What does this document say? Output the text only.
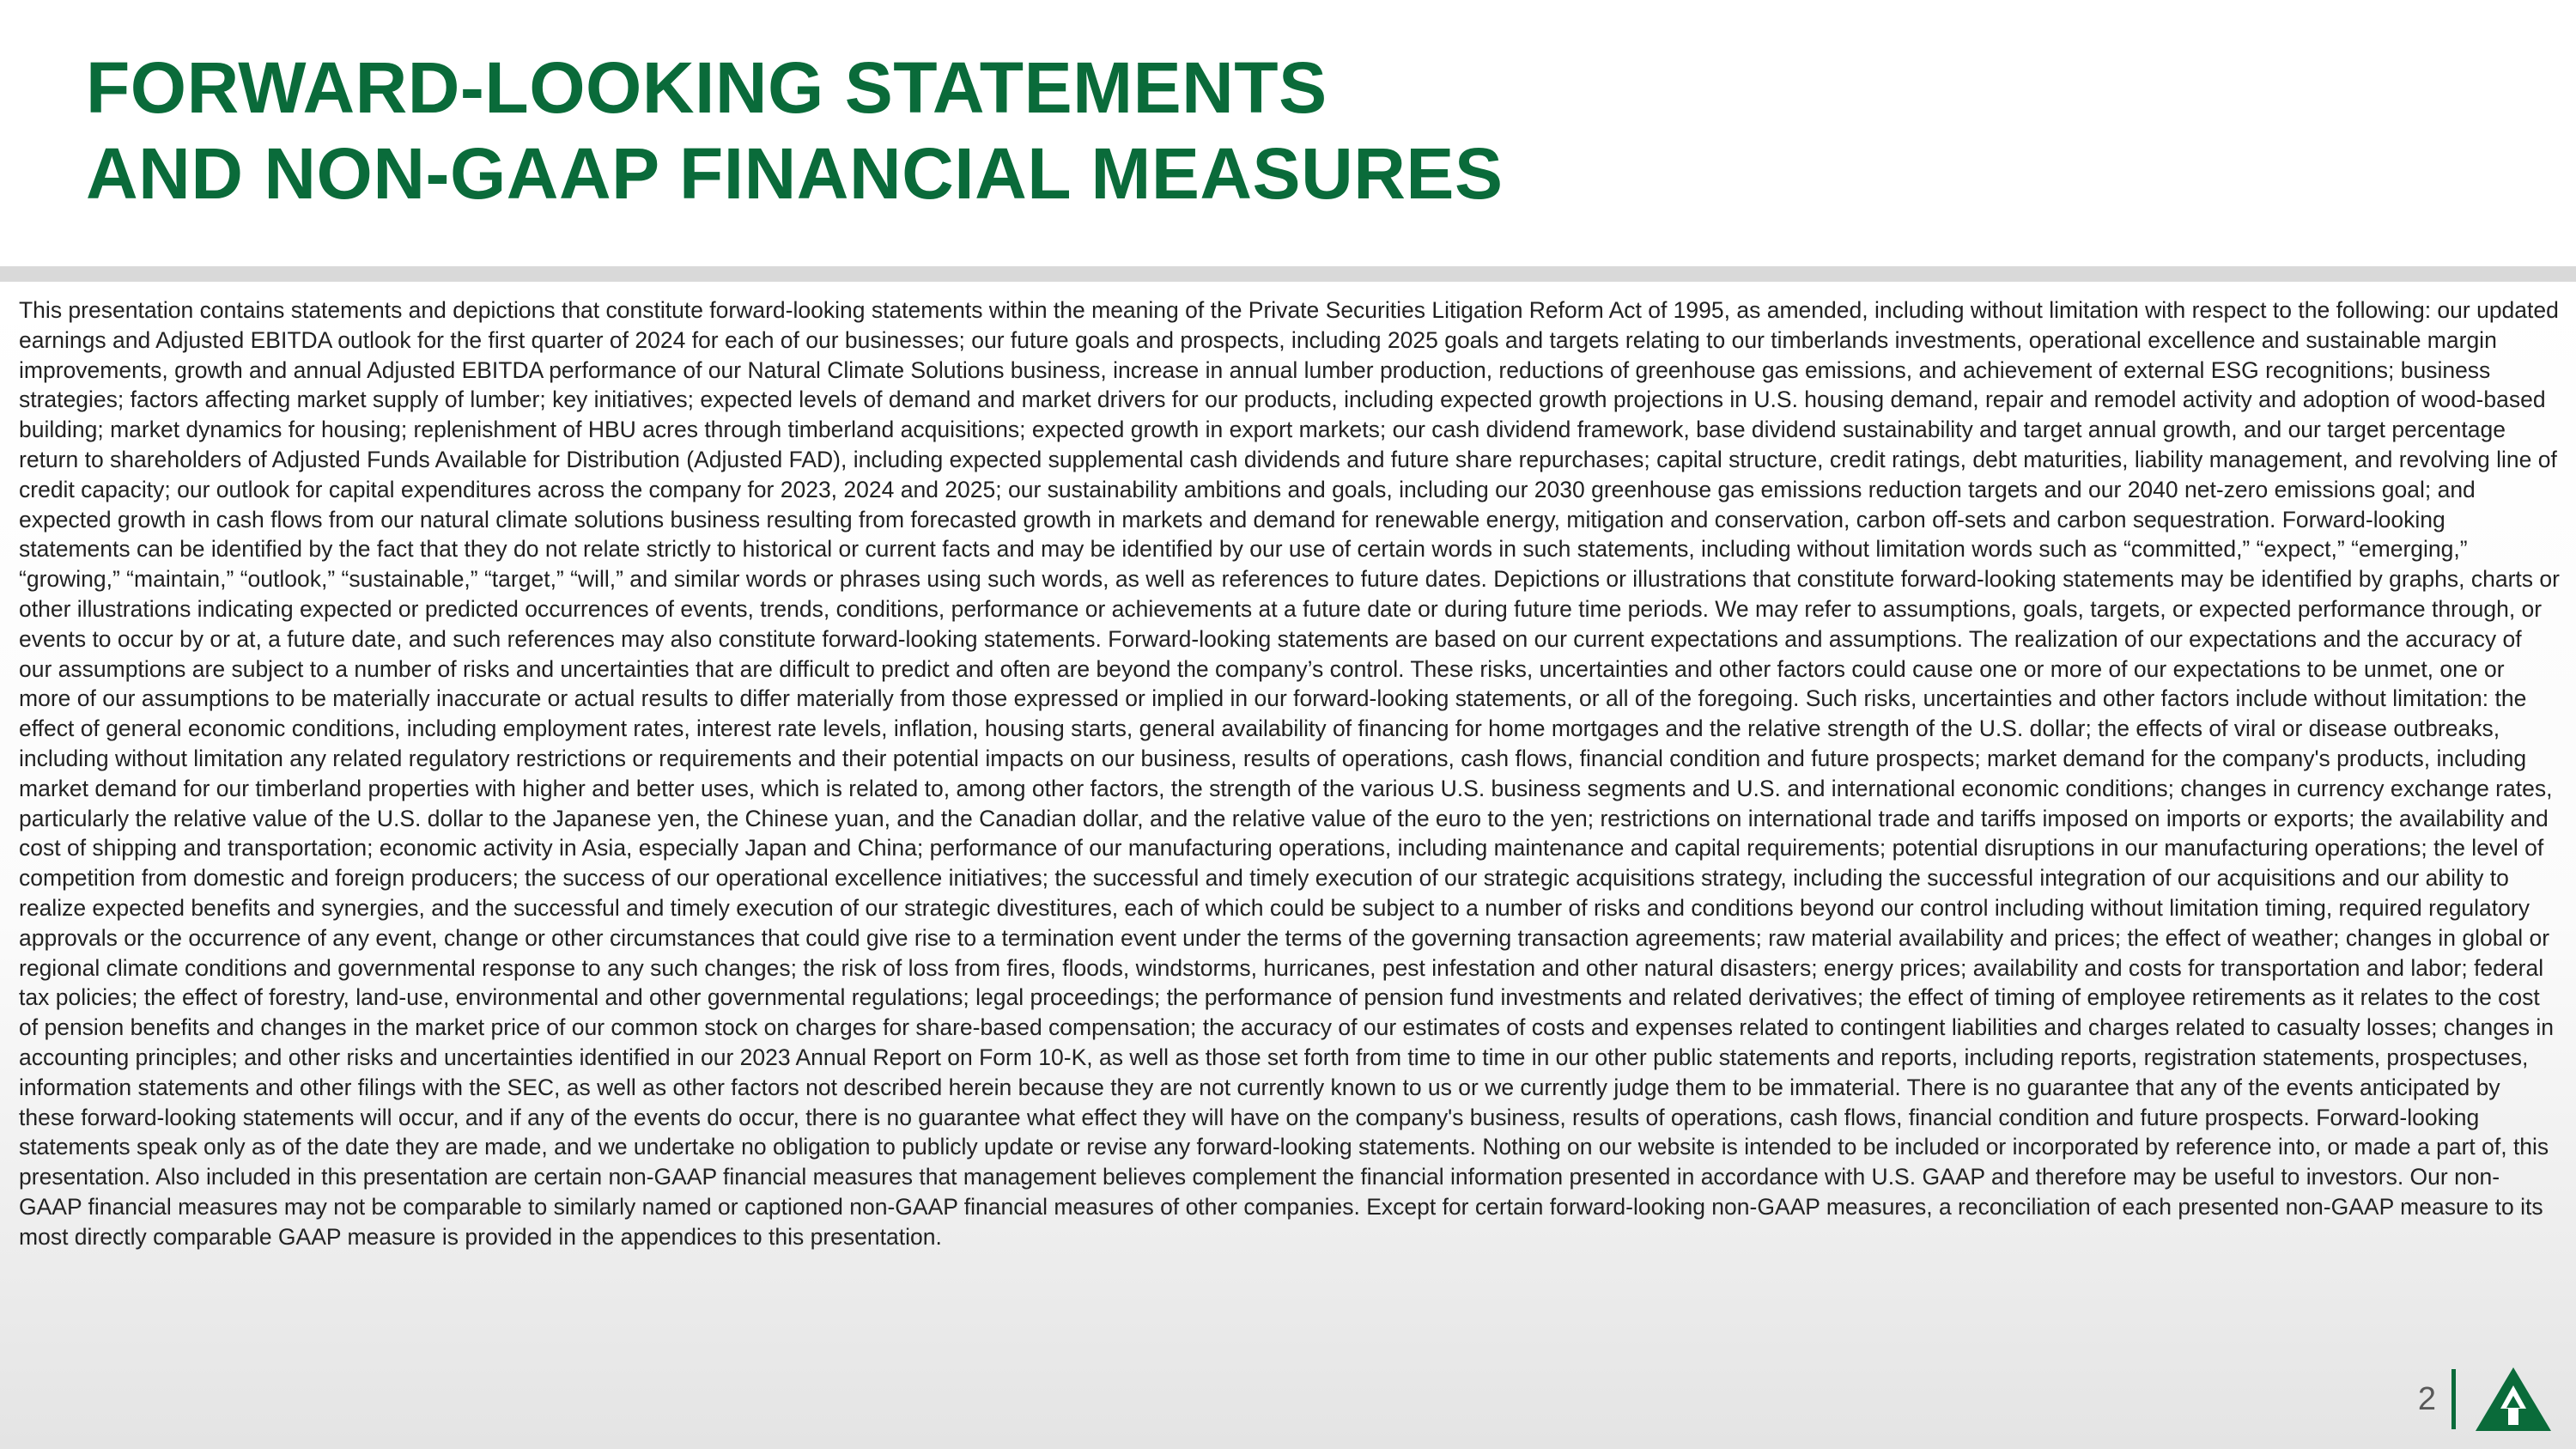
FORWARD-LOOKING STATEMENTS
AND NON-GAAP FINANCIAL MEASURES

This presentation contains statements and depictions that constitute forward-looking statements within the meaning of the Private Securities Litigation Reform Act of 1995, as amended, including without limitation with respect to the following: our updated earnings and Adjusted EBITDA outlook for the first quarter of 2024 for each of our businesses; our future goals and prospects, including 2025 goals and targets relating to our timberlands investments, operational excellence and sustainable margin improvements, growth and annual Adjusted EBITDA performance of our Natural Climate Solutions business, increase in annual lumber production, reductions of greenhouse gas emissions, and achievement of external ESG recognitions; business strategies; factors affecting market supply of lumber; key initiatives; expected levels of demand and market drivers for our products, including expected growth projections in U.S. housing demand, repair and remodel activity and adoption of wood-based building; market dynamics for housing; replenishment of HBU acres through timberland acquisitions; expected growth in export markets; our cash dividend framework, base dividend sustainability and target annual growth, and our target percentage return to shareholders of Adjusted Funds Available for Distribution (Adjusted FAD), including expected supplemental cash dividends and future share repurchases; capital structure, credit ratings, debt maturities, liability management, and revolving line of credit capacity; our outlook for capital expenditures across the company for 2023, 2024 and 2025; our sustainability ambitions and goals, including our 2030 greenhouse gas emissions reduction targets and our 2040 net-zero emissions goal; and expected growth in cash flows from our natural climate solutions business resulting from forecasted growth in markets and demand for renewable energy, mitigation and conservation, carbon off-sets and carbon sequestration. Forward-looking statements can be identified by the fact that they do not relate strictly to historical or current facts and may be identified by our use of certain words in such statements, including without limitation words such as “committed,” “expect,” “emerging,” “growing,” “maintain,” “outlook,” “sustainable,” “target,” “will,” and similar words or phrases using such words, as well as references to future dates. Depictions or illustrations that constitute forward-looking statements may be identified by graphs, charts or other illustrations indicating expected or predicted occurrences of events, trends, conditions, performance or achievements at a future date or during future time periods. We may refer to assumptions, goals, targets, or expected performance through, or events to occur by or at, a future date, and such references may also constitute forward-looking statements. Forward-looking statements are based on our current expectations and assumptions. The realization of our expectations and the accuracy of our assumptions are subject to a number of risks and uncertainties that are difficult to predict and often are beyond the company’s control. These risks, uncertainties and other factors could cause one or more of our expectations to be unmet, one or more of our assumptions to be materially inaccurate or actual results to differ materially from those expressed or implied in our forward-looking statements, or all of the foregoing. Such risks, uncertainties and other factors include without limitation: the effect of general economic conditions, including employment rates, interest rate levels, inflation, housing starts, general availability of financing for home mortgages and the relative strength of the U.S. dollar; the effects of viral or disease outbreaks, including without limitation any related regulatory restrictions or requirements and their potential impacts on our business, results of operations, cash flows, financial condition and future prospects; market demand for the company's products, including market demand for our timberland properties with higher and better uses, which is related to, among other factors, the strength of the various U.S. business segments and U.S. and international economic conditions; changes in currency exchange rates, particularly the relative value of the U.S. dollar to the Japanese yen, the Chinese yuan, and the Canadian dollar, and the relative value of the euro to the yen; restrictions on international trade and tariffs imposed on imports or exports; the availability and cost of shipping and transportation; economic activity in Asia, especially Japan and China; performance of our manufacturing operations, including maintenance and capital requirements; potential disruptions in our manufacturing operations; the level of competition from domestic and foreign producers; the success of our operational excellence initiatives; the successful and timely execution of our strategic acquisitions strategy, including the successful integration of our acquisitions and our ability to realize expected benefits and synergies, and the successful and timely execution of our strategic divestitures, each of which could be subject to a number of risks and conditions beyond our control including without limitation timing, required regulatory approvals or the occurrence of any event, change or other circumstances that could give rise to a termination event under the terms of the governing transaction agreements; raw material availability and prices; the effect of weather; changes in global or regional climate conditions and governmental response to any such changes; the risk of loss from fires, floods, windstorms, hurricanes, pest infestation and other natural disasters; energy prices; availability and costs for transportation and labor; federal tax policies; the effect of forestry, land-use, environmental and other governmental regulations; legal proceedings; the performance of pension fund investments and related derivatives; the effect of timing of employee retirements as it relates to the cost of pension benefits and changes in the market price of our common stock on charges for share-based compensation; the accuracy of our estimates of costs and expenses related to contingent liabilities and charges related to casualty losses; changes in accounting principles; and other risks and uncertainties identified in our 2023 Annual Report on Form 10-K, as well as those set forth from time to time in our other public statements and reports, including reports, registration statements, prospectuses, information statements and other filings with the SEC, as well as other factors not described herein because they are not currently known to us or we currently judge them to be immaterial. There is no guarantee that any of the events anticipated by these forward-looking statements will occur, and if any of the events do occur, there is no guarantee what effect they will have on the company's business, results of operations, cash flows, financial condition and future prospects. Forward-looking statements speak only as of the date they are made, and we undertake no obligation to publicly update or revise any forward-looking statements. Nothing on our website is intended to be included or incorporated by reference into, or made a part of, this presentation. Also included in this presentation are certain non-GAAP financial measures that management believes complement the financial information presented in accordance with U.S. GAAP and therefore may be useful to investors. Our non-GAAP financial measures may not be comparable to similarly named or captioned non-GAAP financial measures of other companies. Except for certain forward-looking non-GAAP measures, a reconciliation of each presented non-GAAP measure to its most directly comparable GAAP measure is provided in the appendices to this presentation.

2
